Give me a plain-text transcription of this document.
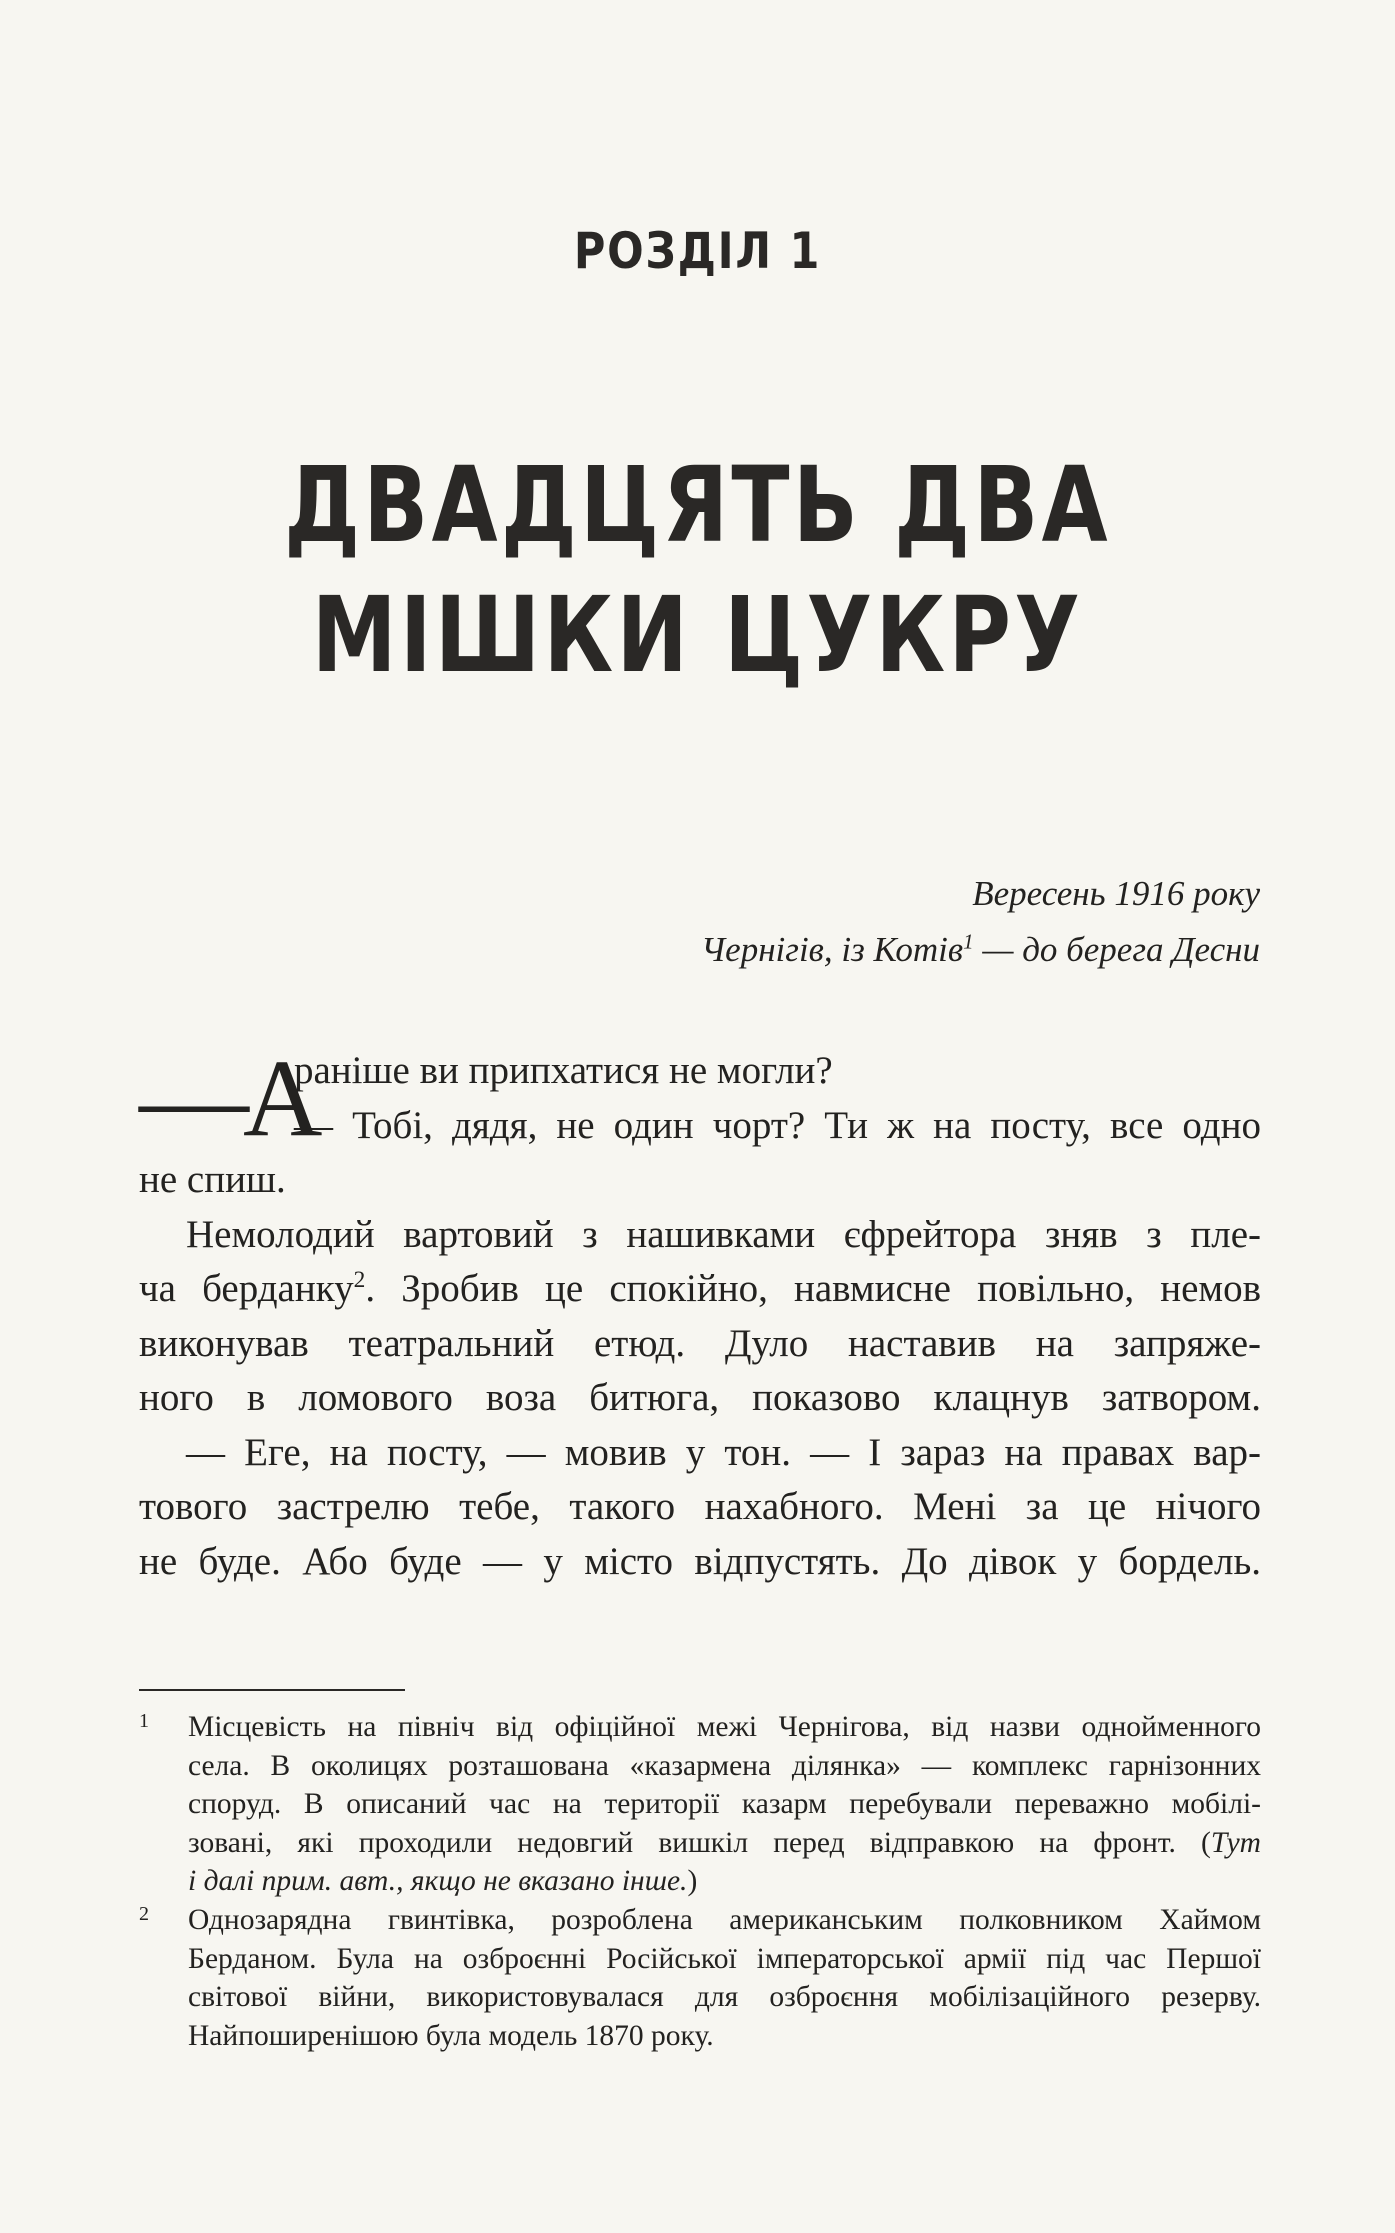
РОЗДІЛ 1
ДВАДЦЯТЬ ДВА
МІШКИ ЦУКРУ
Вересень 1916 року
Чернігів, із Котів$^1$ — до берега Десни
—А
раніше ви припхатися не могли?
— Тобі, дядя, не один чорт? Ти ж на посту, все одно
не спиш.
Немолодий вартовий з нашивками єфрейтора зняв з пле-
ча берданку$^2$. Зробив це спокійно, навмисне повільно, немов
виконував театральний етюд. Дуло наставив на запряже-
ного в ломового воза битюга, показово клацнув затвором.
— Еге, на посту, — мовив у тон. — І зараз на правах вар-
тового застрелю тебе, такого нахабного. Мені за це нічого
не буде. Або буде — у місто відпустять. До дівок у бордель.
1 Місцевість на північ від офіційної межі Чернігова, від назви однойменного
села. В околицях розташована «казармена ділянка» — комплекс гарнізонних
споруд. В описаний час на території казарм перебували переважно мобілі-
зовані, які проходили недовгий вишкіл перед відправкою на фронт. (Тут
і далі прим. авт., якщо не вказано інше.)
2 Однозарядна гвинтівка, розроблена американським полковником Хаймом
Берданом. Була на озброєнні Російської імператорської армії під час Першої
світової війни, використовувалася для озброєння мобілізаційного резерву.
Найпоширенішою була модель 1870 року.
